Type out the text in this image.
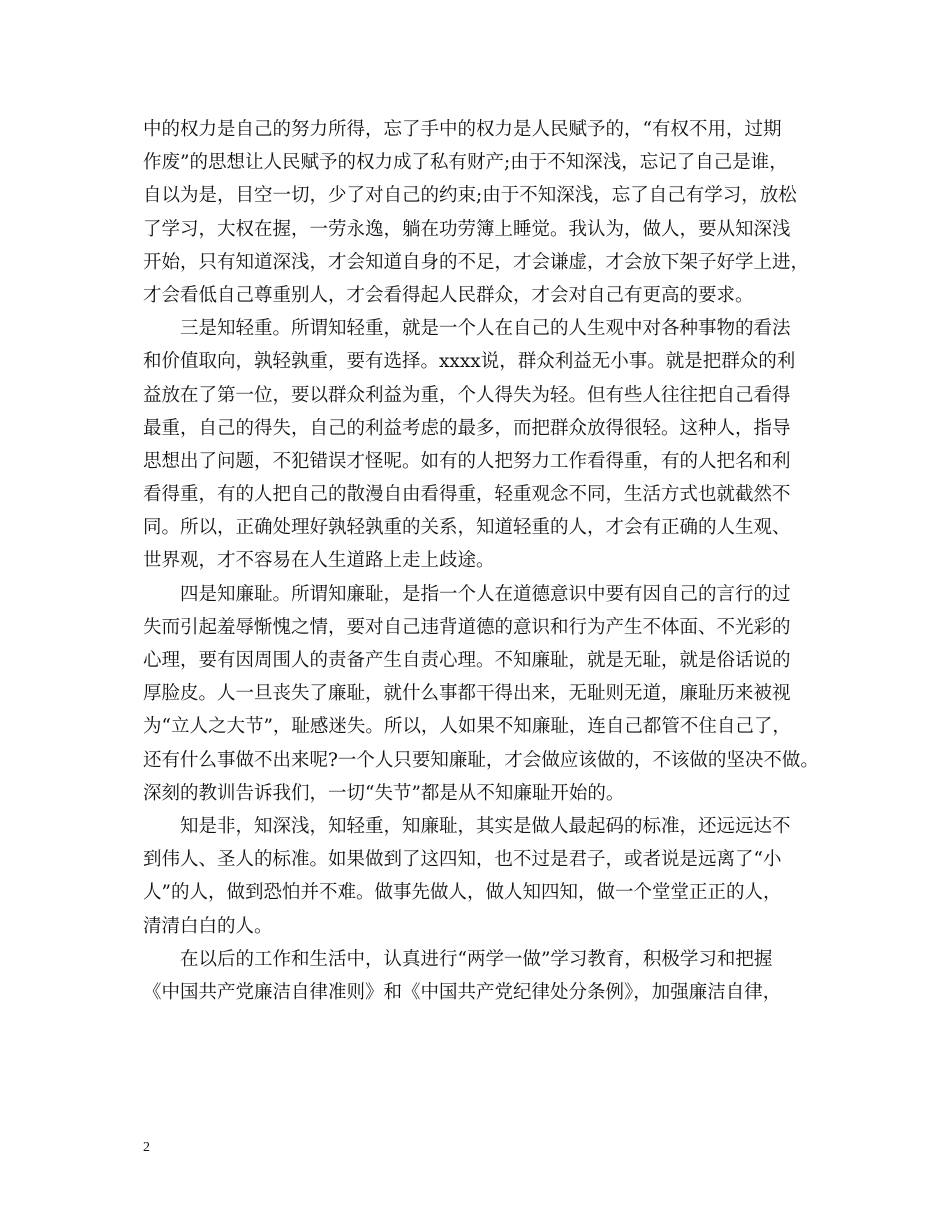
中的权力是自己的努力所得，忘了手中的权力是人民赋予的，“有权不用，过期
作废”的思想让人民赋予的权力成了私有财产;由于不知深浅，忘记了自己是谁，
自以为是，目空一切，少了对自己的约束;由于不知深浅，忘了自己有学习，放松
了学习，大权在握，一劳永逸，躺在功劳簿上睡觉。我认为，做人，要从知深浅
开始，只有知道深浅，才会知道自身的不足，才会谦虚，才会放下架子好学上进，
才会看低自己尊重别人，才会看得起人民群众，才会对自己有更高的要求。
三是知轻重。所谓知轻重，就是一个人在自己的人生观中对各种事物的看法
和价值取向，孰轻孰重，要有选择。xxxx说，群众利益无小事。就是把群众的利
益放在了第一位，要以群众利益为重，个人得失为轻。但有些人往往把自己看得
最重，自己的得失，自己的利益考虑的最多，而把群众放得很轻。这种人，指导
思想出了问题，不犯错误才怪呢。如有的人把努力工作看得重，有的人把名和利
看得重，有的人把自己的散漫自由看得重，轻重观念不同，生活方式也就截然不
同。所以，正确处理好孰轻孰重的关系，知道轻重的人，才会有正确的人生观、
世界观，才不容易在人生道路上走上歧途。
四是知廉耻。所谓知廉耻，是指一个人在道德意识中要有因自己的言行的过
失而引起羞辱惭愧之情，要对自己违背道德的意识和行为产生不体面、不光彩的
心理，要有因周围人的责备产生自责心理。不知廉耻，就是无耻，就是俗话说的
厚脸皮。人一旦丧失了廉耻，就什么事都干得出来，无耻则无道，廉耻历来被视
为“立人之大节”，耻感迷失。所以，人如果不知廉耻，连自己都管不住自己了，
还有什么事做不出来呢?一个人只要知廉耻，才会做应该做的，不该做的坚决不做。
深刻的教训告诉我们，一切“失节”都是从不知廉耻开始的。
知是非，知深浅，知轻重，知廉耻，其实是做人最起码的标准，还远远达不
到伟人、圣人的标准。如果做到了这四知，也不过是君子，或者说是远离了“小
人”的人，做到恐怕并不难。做事先做人，做人知四知，做一个堂堂正正的人，
清清白白的人。
在以后的工作和生活中，认真进行“两学一做”学习教育，积极学习和把握
《中国共产党廉洁自律准则》和《中国共产党纪律处分条例》，加强廉洁自律，
2
